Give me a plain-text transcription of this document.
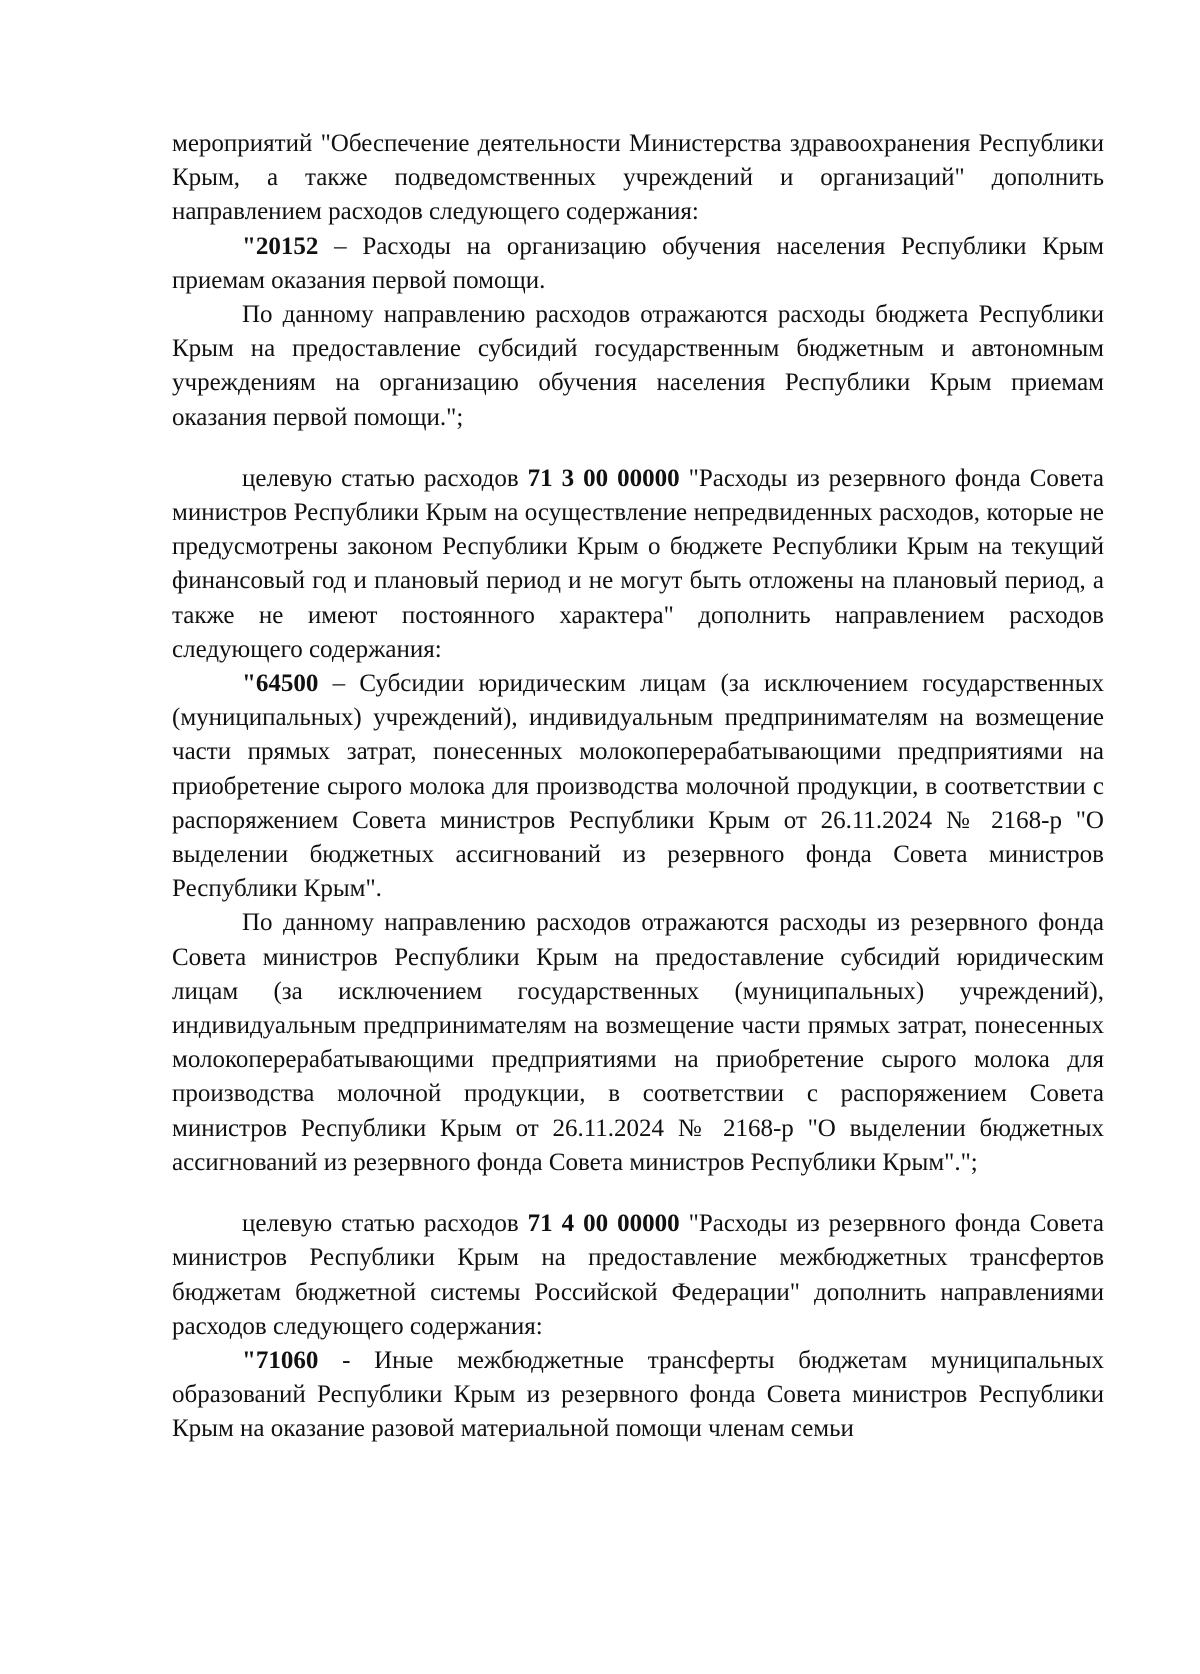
мероприятий "Обеспечение деятельности Министерства здравоохранения Республики Крым, а также подведомственных учреждений и организаций" дополнить направлением расходов следующего содержания:

"20152 – Расходы на организацию обучения населения Республики Крым приемам оказания первой помощи.

По данному направлению расходов отражаются расходы бюджета Республики Крым на предоставление субсидий государственным бюджетным и автономным учреждениям на организацию обучения населения Республики Крым приемам оказания первой помощи.";

целевую статью расходов 71 3 00 00000 "Расходы из резервного фонда Совета министров Республики Крым на осуществление непредвиденных расходов, которые не предусмотрены законом Республики Крым о бюджете Республики Крым на текущий финансовый год и плановый период и не могут быть отложены на плановый период, а также не имеют постоянного характера" дополнить направлением расходов следующего содержания:

"64500 – Субсидии юридическим лицам (за исключением государственных (муниципальных) учреждений), индивидуальным предпринимателям на возмещение части прямых затрат, понесенных молокоперерабатывающими предприятиями на приобретение сырого молока для производства молочной продукции, в соответствии с распоряжением Совета министров Республики Крым от 26.11.2024 № 2168-р "О выделении бюджетных ассигнований из резервного фонда Совета министров Республики Крым".

По данному направлению расходов отражаются расходы из резервного фонда Совета министров Республики Крым на предоставление субсидий юридическим лицам (за исключением государственных (муниципальных) учреждений), индивидуальным предпринимателям на возмещение части прямых затрат, понесенных молокоперерабатывающими предприятиями на приобретение сырого молока для производства молочной продукции, в соответствии с распоряжением Совета министров Республики Крым от 26.11.2024 № 2168-р "О выделении бюджетных ассигнований из резервного фонда Совета министров Республики Крым".";

целевую статью расходов 71 4 00 00000 "Расходы из резервного фонда Совета министров Республики Крым на предоставление межбюджетных трансфертов бюджетам бюджетной системы Российской Федерации" дополнить направлениями расходов следующего содержания:

"71060 - Иные межбюджетные трансферты бюджетам муниципальных образований Республики Крым из резервного фонда Совета министров Республики Крым на оказание разовой материальной помощи членам семьи
